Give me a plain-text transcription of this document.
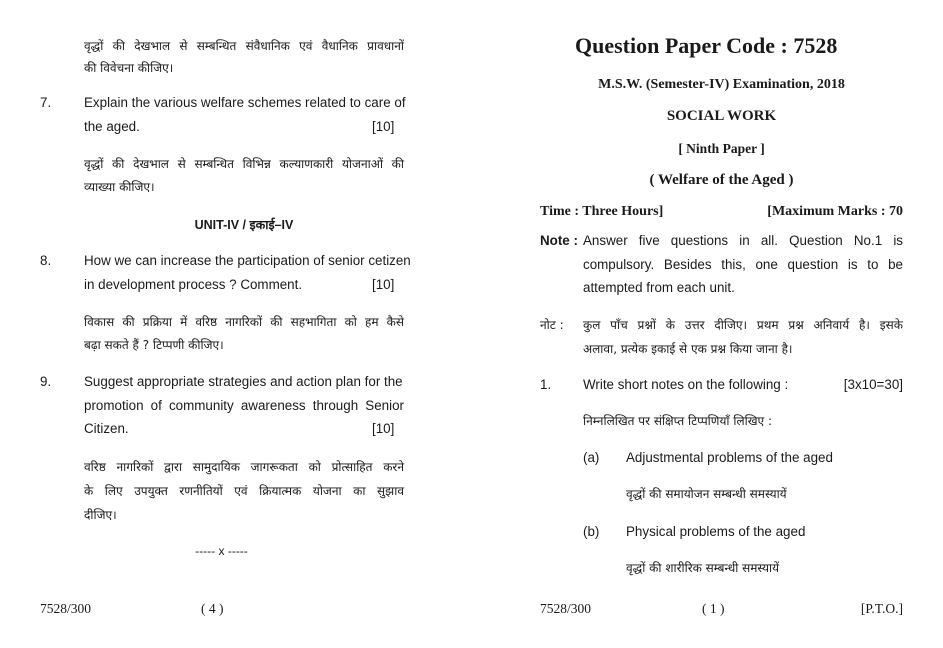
वृद्धों की देखभाल से सम्बन्धित संवैधानिक एवं वैधानिक प्रावधानों
की विवेचना कीजिए।
7. Explain the various welfare schemes related to care of
the aged.	[10]
वृद्धों की देखभाल से सम्बन्धित विभिन्न कल्याणकारी योजनाओं की
व्याख्या कीजिए।
UNIT-IV / इकाई–IV
8. How we can increase the participation of senior cetizen
in development process ? Comment.	[10]
विकास की प्रक्रिया में वरिष्ठ नागरिकों की सहभागिता को हम कैसे
बढ़ा सकते हैं ? टिप्पणी कीजिए।
9. Suggest appropriate strategies and action plan for the
promotion of community awareness through Senior
Citizen.	[10]
वरिष्ठ नागरिकों द्वारा सामुदायिक जागरूकता को प्रोत्साहित करने
के लिए उपयुक्त रणनीतियों एवं क्रियात्मक योजना का सुझाव
दीजिए।
----- x -----
7528/300	( 4 )
Question Paper Code : 7528
M.S.W. (Semester-IV) Examination, 2018
SOCIAL WORK
[ Ninth Paper ]
( Welfare of the Aged )
Time : Three Hours]	[Maximum Marks : 70
Note : Answer five questions in all. Question No.1 is
compulsory. Besides this, one question is to be
attempted from each unit.
नोट : कुल पाँच प्रश्नों के उत्तर दीजिए। प्रथम प्रश्न अनिवार्य है। इसके
अलावा, प्रत्येक इकाई से एक प्रश्न किया जाना है।
1. Write short notes on the following :	[3x10=30]
निम्नलिखित पर संक्षिप्त टिप्पणियाँ लिखिए :
(a) Adjustmental problems of the aged
वृद्धों की समायोजन सम्बन्धी समस्यायें
(b) Physical problems of the aged
वृद्धों की शारीरिक सम्बन्धी समस्यायें
7528/300	( 1 )	[P.T.O.]
